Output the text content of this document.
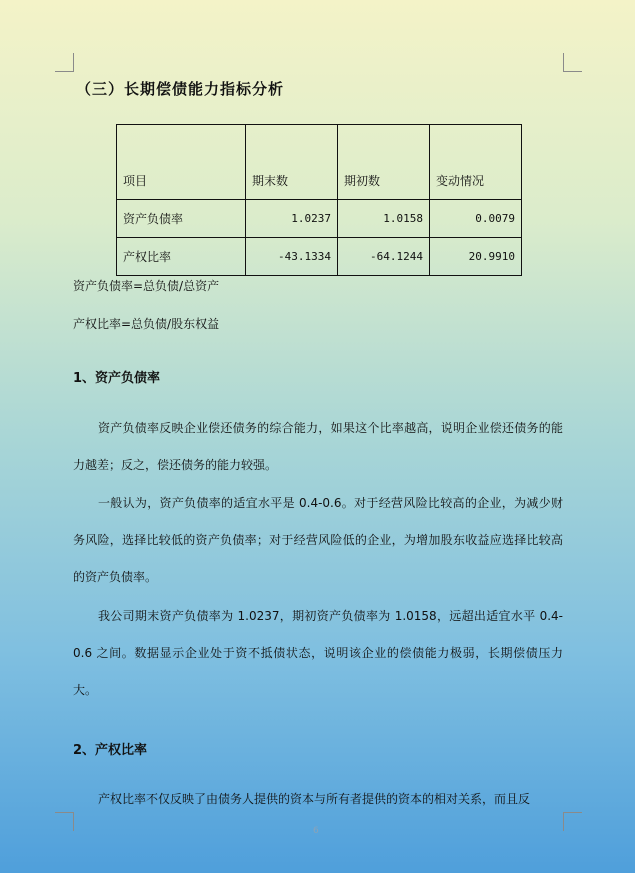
（三）长期偿债能力指标分析
项目	期末数	期初数	变动情况
资产负债率	1.0237	1.0158	0.0079
产权比率	-43.1334	-64.1244	20.9910
资产负债率=总负债/总资产
产权比率=总负债/股东权益
1、资产负债率
资产负债率反映企业偿还债务的综合能力，如果这个比率越高，说明企业偿还债务的能力越差；反之，偿还债务的能力较强。
一般认为，资产负债率的适宜水平是 0.4-0.6。对于经营风险比较高的企业，为减少财务风险，选择比较低的资产负债率；对于经营风险低的企业，为增加股东收益应选择比较高的资产负债率。
我公司期末资产负债率为 1.0237，期初资产负债率为 1.0158，远超出适宜水平 0.4-0.6 之间。数据显示企业处于资不抵债状态，说明该企业的偿债能力极弱，长期偿债压力大。
2、产权比率
产权比率不仅反映了由债务人提供的资本与所有者提供的资本的相对关系，而且反
6
